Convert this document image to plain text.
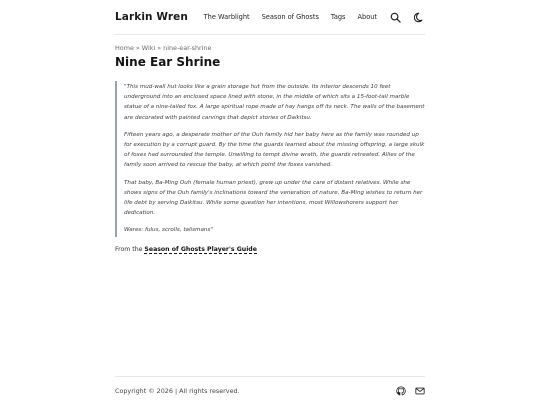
Larkin Wren The Warblight Season of Ghosts Tags About
Home » Wiki » nine-ear-shrine
Nine Ear Shrine

"This mud-wall hut looks like a grain storage hut from the outside. Its interior descends 10 feet underground into an enclosed space lined with stone, in the middle of which sits a 15-foot-tall marble statue of a nine-tailed fox. A large spiritual rope made of hay hangs off its neck. The walls of the basement are decorated with painted carvings that depict stories of Daikitsu.

Fifteen years ago, a desperate mother of the Ouh family hid her baby here as the family was rounded up for execution by a corrupt guard. By the time the guards learned about the missing offspring, a large skulk of foxes had surrounded the temple. Unwilling to tempt divine wrath, the guards retreated. Allies of the family soon arrived to rescue the baby, at which point the foxes vanished.

That baby, Ba-Ming Ouh (female human priest), grew up under the care of distant relatives. While she shows signs of the Ouh family's inclinations toward the veneration of nature, Ba-Ming wishes to return her life debt by serving Daikitsu. While some question her intentions, most Willowshorers support her dedication.

Wares: fulus, scrolls, talismans"

From the Season of Ghosts Player's Guide
Copyright © 2026 | All rights reserved.
